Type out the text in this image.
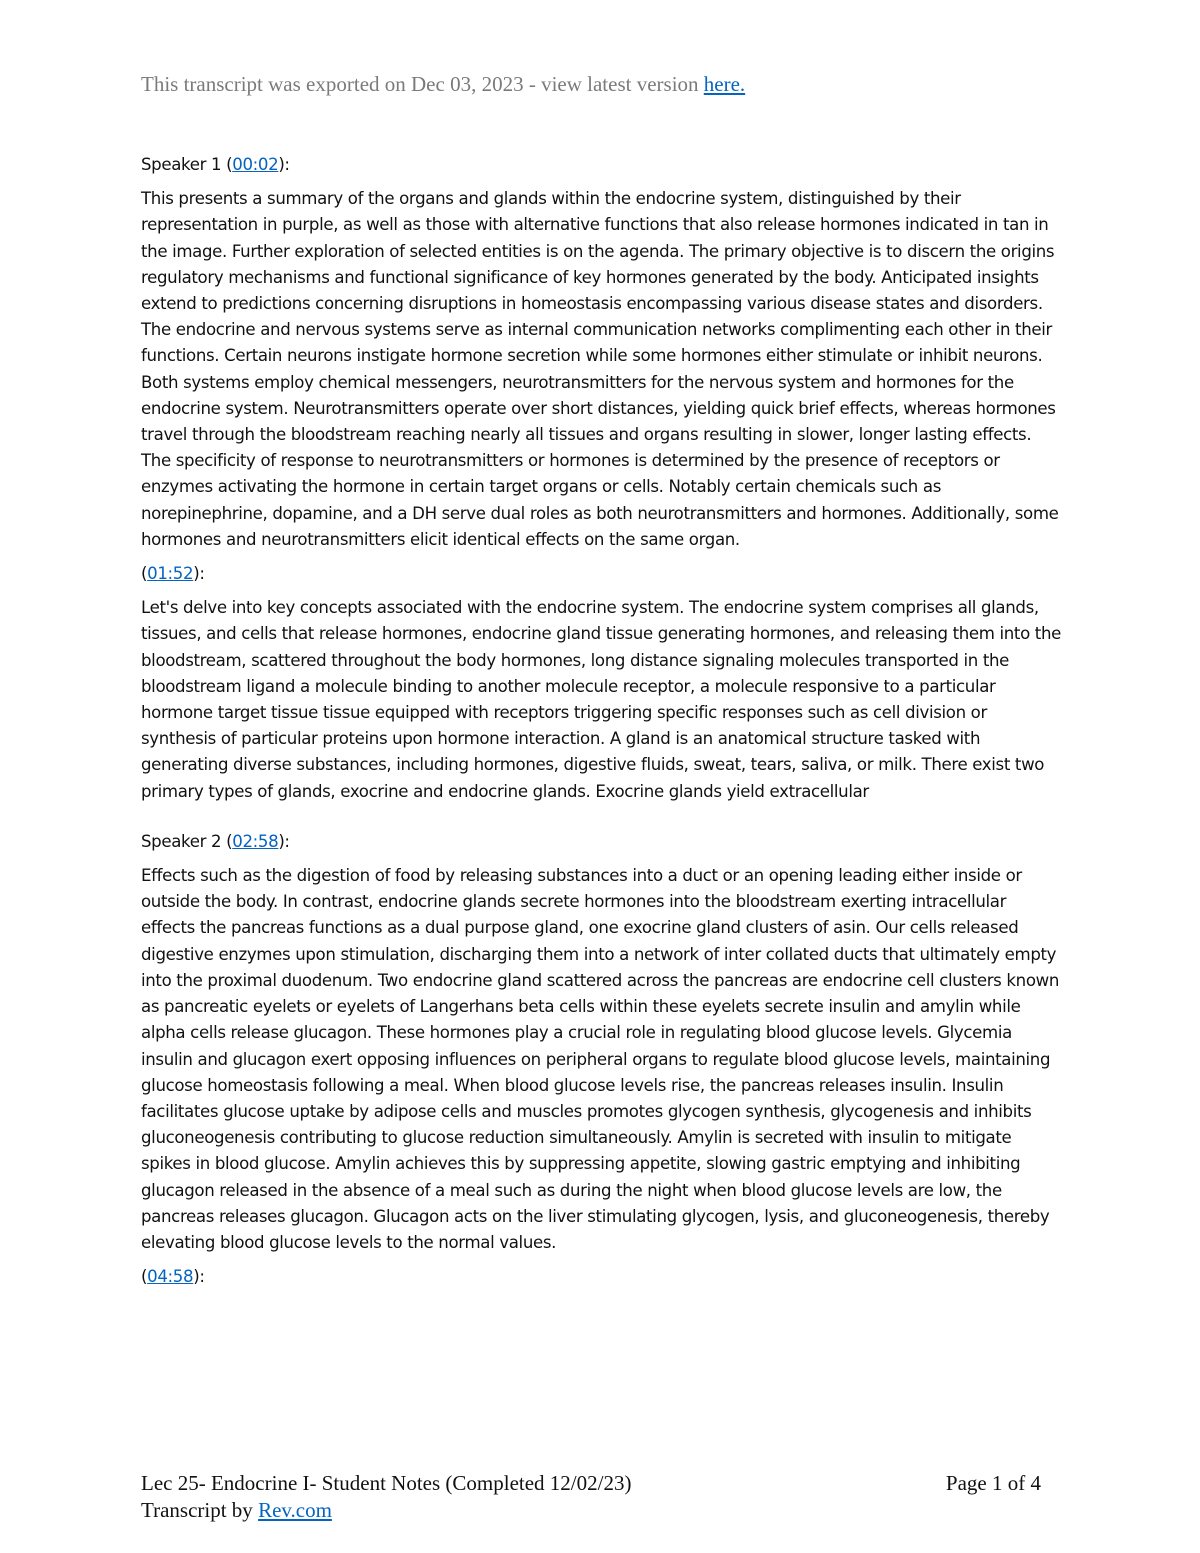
This transcript was exported on Dec 03, 2023 - view latest version here.

Speaker 1 (00:02):

This presents a summary of the organs and glands within the endocrine system, distinguished by their representation in purple, as well as those with alternative functions that also release hormones indicated in tan in the image. Further exploration of selected entities is on the agenda. The primary objective is to discern the origins regulatory mechanisms and functional significance of key hormones generated by the body. Anticipated insights extend to predictions concerning disruptions in homeostasis encompassing various disease states and disorders. The endocrine and nervous systems serve as internal communication networks complimenting each other in their functions. Certain neurons instigate hormone secretion while some hormones either stimulate or inhibit neurons. Both systems employ chemical messengers, neurotransmitters for the nervous system and hormones for the endocrine system. Neurotransmitters operate over short distances, yielding quick brief effects, whereas hormones travel through the bloodstream reaching nearly all tissues and organs resulting in slower, longer lasting effects. The specificity of response to neurotransmitters or hormones is determined by the presence of receptors or enzymes activating the hormone in certain target organs or cells. Notably certain chemicals such as norepinephrine, dopamine, and a DH serve dual roles as both neurotransmitters and hormones. Additionally, some hormones and neurotransmitters elicit identical effects on the same organ.

(01:52):

Let's delve into key concepts associated with the endocrine system. The endocrine system comprises all glands, tissues, and cells that release hormones, endocrine gland tissue generating hormones, and releasing them into the bloodstream, scattered throughout the body hormones, long distance signaling molecules transported in the bloodstream ligand a molecule binding to another molecule receptor, a molecule responsive to a particular hormone target tissue tissue equipped with receptors triggering specific responses such as cell division or synthesis of particular proteins upon hormone interaction. A gland is an anatomical structure tasked with generating diverse substances, including hormones, digestive fluids, sweat, tears, saliva, or milk. There exist two primary types of glands, exocrine and endocrine glands. Exocrine glands yield extracellular

Speaker 2 (02:58):

Effects such as the digestion of food by releasing substances into a duct or an opening leading either inside or outside the body. In contrast, endocrine glands secrete hormones into the bloodstream exerting intracellular effects the pancreas functions as a dual purpose gland, one exocrine gland clusters of asin. Our cells released digestive enzymes upon stimulation, discharging them into a network of inter collated ducts that ultimately empty into the proximal duodenum. Two endocrine gland scattered across the pancreas are endocrine cell clusters known as pancreatic eyelets or eyelets of Langerhans beta cells within these eyelets secrete insulin and amylin while alpha cells release glucagon. These hormones play a crucial role in regulating blood glucose levels. Glycemia insulin and glucagon exert opposing influences on peripheral organs to regulate blood glucose levels, maintaining glucose homeostasis following a meal. When blood glucose levels rise, the pancreas releases insulin. Insulin facilitates glucose uptake by adipose cells and muscles promotes glycogen synthesis, glycogenesis and inhibits gluconeogenesis contributing to glucose reduction simultaneously. Amylin is secreted with insulin to mitigate spikes in blood glucose. Amylin achieves this by suppressing appetite, slowing gastric emptying and inhibiting glucagon released in the absence of a meal such as during the night when blood glucose levels are low, the pancreas releases glucagon. Glucagon acts on the liver stimulating glycogen, lysis, and gluconeogenesis, thereby elevating blood glucose levels to the normal values.

(04:58):

Lec 25- Endocrine I- Student Notes (Completed 12/02/23)	Page 1 of 4
Transcript by Rev.com
